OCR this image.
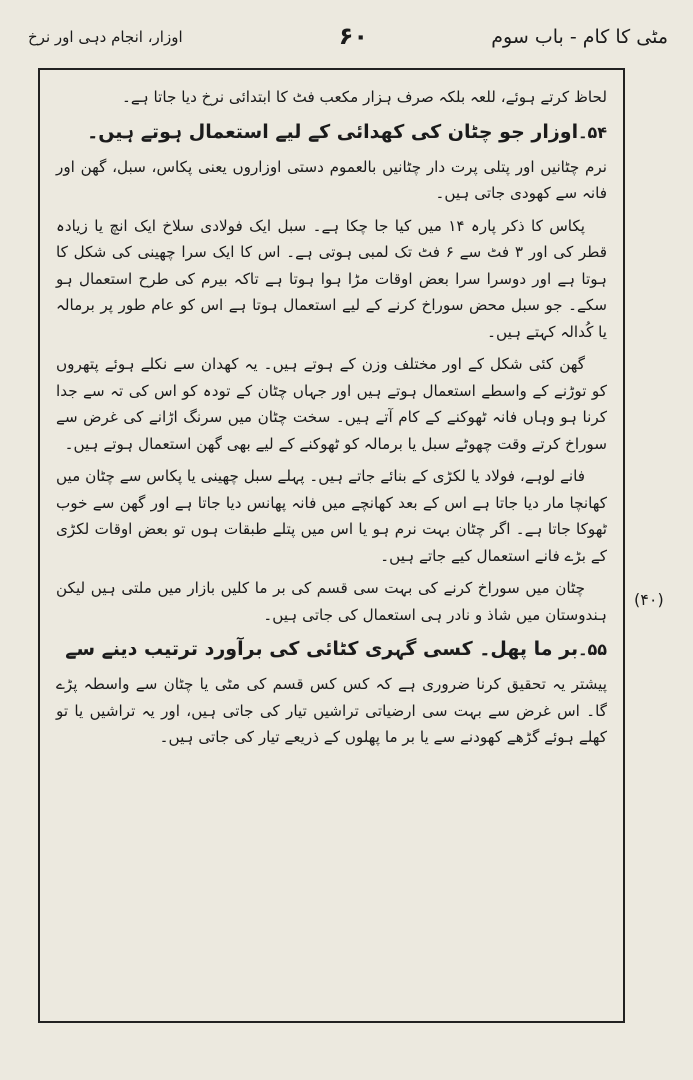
مٹی کا کام - باب سوم
۶۰
اوزار، انجام دہی اور نرخ

لحاظ کرتے ہوئے، للعہ بلکہ صرف ہزار مکعب فٹ کا ابتدائی نرخ دیا جاتا ہے۔

۵۴۔اوزار جو چٹان کی کھدائی کے لیے استعمال ہوتے ہیں۔

نرم چٹانیں اور پتلی پرت دار چٹانیں بالعموم دستی اوزاروں یعنی پکاس، سبل، گھن اور فانہ سے کھودی جاتی ہیں۔

پکاس کا ذکر پارہ ۱۴ میں کیا جا چکا ہے۔ سبل ایک فولادی سلاخ ایک انچ یا زیادہ قطر کی اور ۳ فٹ سے ۶ فٹ تک لمبی ہوتی ہے۔ اس کا ایک سرا چھینی کی شکل کا ہوتا ہے اور دوسرا سرا بعض اوقات مڑا ہوا ہوتا ہے تاکہ بیرم کی طرح استعمال ہو سکے۔ جو سبل محض سوراخ کرنے کے لیے استعمال ہوتا ہے اس کو عام طور پر برمالہ یا کُدالہ کہتے ہیں۔

گھن کئی شکل کے اور مختلف وزن کے ہوتے ہیں۔ یہ کھدان سے نکلے ہوئے پتھروں کو توڑنے کے واسطے استعمال ہوتے ہیں اور جہاں چٹان کے تودہ کو اس کی تہ سے جدا کرنا ہو وہاں فانہ ٹھوکنے کے کام آتے ہیں۔ سخت چٹان میں سرنگ اڑانے کی غرض سے سوراخ کرتے وقت چھوٹے سبل یا برمالہ کو ٹھوکنے کے لیے بھی گھن استعمال ہوتے ہیں۔

فانے لوہے، فولاد یا لکڑی کے بنائے جاتے ہیں۔ پہلے سبل چھینی یا پکاس سے چٹان میں کھانچا مار دیا جاتا ہے اس کے بعد کھانچے میں فانہ پھانس دیا جاتا ہے اور گھن سے خوب ٹھوکا جاتا ہے۔ اگر چٹان بہت نرم ہو یا اس میں پتلے طبقات ہوں تو بعض اوقات لکڑی کے بڑے فانے استعمال کیے جاتے ہیں۔

چٹان میں سوراخ کرنے کی بہت سی قسم کی بر ما کلیں بازار میں ملتی ہیں لیکن ہندوستان میں شاذ و نادر ہی استعمال کی جاتی ہیں۔

۵۵۔بر ما پھل۔ کسی گہری کٹائی کی برآورد ترتیب دینے سے

پیشتر یہ تحقیق کرنا ضروری ہے کہ کس کس قسم کی مٹی یا چٹان سے واسطہ پڑے گا۔ اس غرض سے بہت سی ارضیاتی تراشیں تیار کی جاتی ہیں، اور یہ تراشیں یا تو کھلے ہوئے گڑھے کھودنے سے یا بر ما پھلوں کے ذریعے تیار کی جاتی ہیں۔

(۴۰)
